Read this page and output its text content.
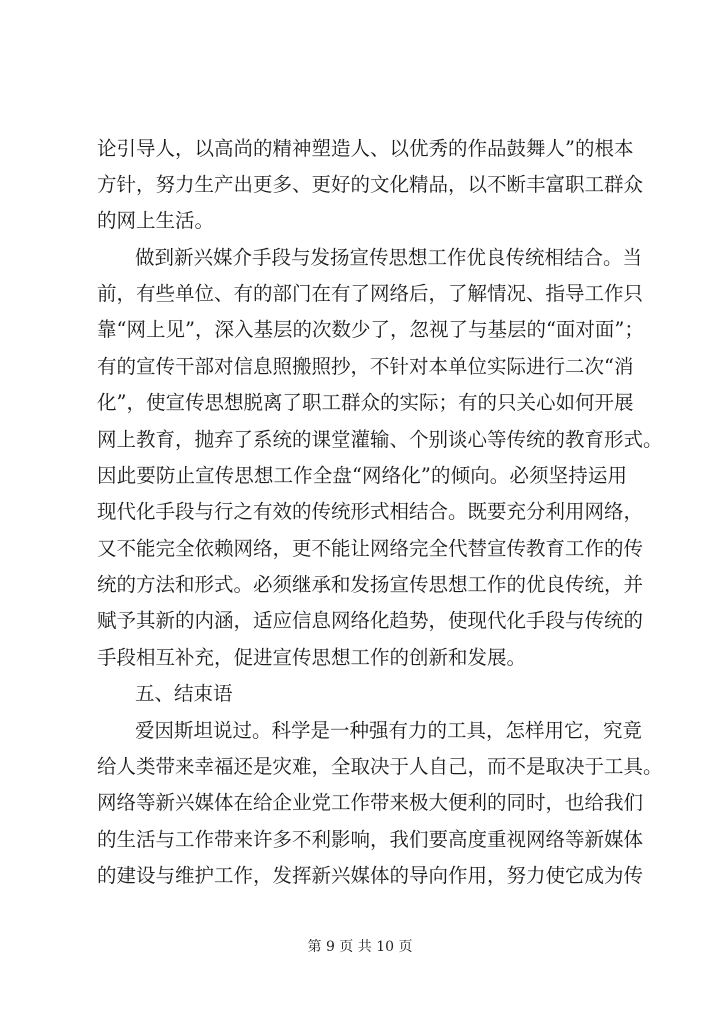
论引导人，以高尚的精神塑造人、以优秀的作品鼓舞人”的根本
方针，努力生产出更多、更好的文化精品，以不断丰富职工群众
的网上生活。
做到新兴媒介手段与发扬宣传思想工作优良传统相结合。当
前，有些单位、有的部门在有了网络后，了解情况、指导工作只
靠“网上见”，深入基层的次数少了，忽视了与基层的“面对面”；
有的宣传干部对信息照搬照抄，不针对本单位实际进行二次“消
化”，使宣传思想脱离了职工群众的实际；有的只关心如何开展
网上教育，抛弃了系统的课堂灌输、个别谈心等传统的教育形式。
因此要防止宣传思想工作全盘“网络化”的倾向。必须坚持运用
现代化手段与行之有效的传统形式相结合。既要充分利用网络，
又不能完全依赖网络，更不能让网络完全代替宣传教育工作的传
统的方法和形式。必须继承和发扬宣传思想工作的优良传统，并
赋予其新的内涵，适应信息网络化趋势，使现代化手段与传统的
手段相互补充，促进宣传思想工作的创新和发展。
五、结束语
爱因斯坦说过。科学是一种强有力的工具，怎样用它，究竟
给人类带来幸福还是灾难，全取决于人自己，而不是取决于工具。
网络等新兴媒体在给企业党工作带来极大便利的同时，也给我们
的生活与工作带来许多不利影响，我们要高度重视网络等新媒体
的建设与维护工作，发挥新兴媒体的导向作用，努力使它成为传
第 9 页 共 10 页
